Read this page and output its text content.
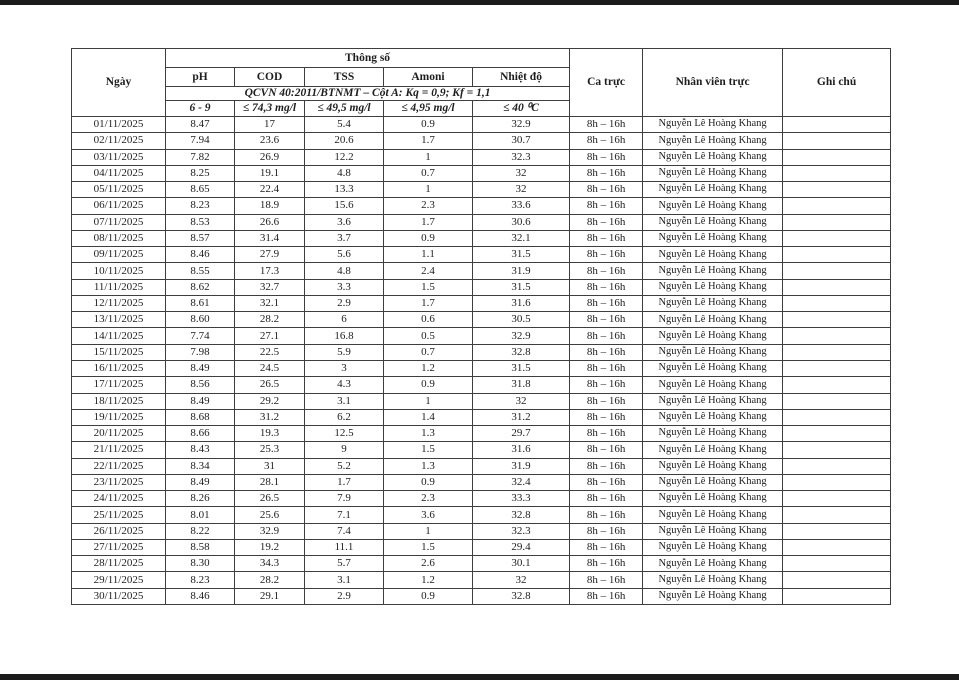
Ngày	Thông số					Ca trực	Nhân viên trực	Ghi chú
	pH	COD	TSS	Amoni	Nhiệt độ			
	QCVN 40:2011/BTNMT – Cột A: Kq = 0,9; Kf = 1,1							
	6 - 9	≤ 74,3 mg/l	≤ 49,5 mg/l	≤ 4,95 mg/l	≤ 40 ⁰C			
01/11/2025	8.47	17	5.4	0.9	32.9	8h – 16h	Nguyễn Lê Hoàng Khang	
02/11/2025	7.94	23.6	20.6	1.7	30.7	8h – 16h	Nguyễn Lê Hoàng Khang	
03/11/2025	7.82	26.9	12.2	1	32.3	8h – 16h	Nguyễn Lê Hoàng Khang	
04/11/2025	8.25	19.1	4.8	0.7	32	8h – 16h	Nguyễn Lê Hoàng Khang	
05/11/2025	8.65	22.4	13.3	1	32	8h – 16h	Nguyễn Lê Hoàng Khang	
06/11/2025	8.23	18.9	15.6	2.3	33.6	8h – 16h	Nguyễn Lê Hoàng Khang	
07/11/2025	8.53	26.6	3.6	1.7	30.6	8h – 16h	Nguyễn Lê Hoàng Khang	
08/11/2025	8.57	31.4	3.7	0.9	32.1	8h – 16h	Nguyễn Lê Hoàng Khang	
09/11/2025	8.46	27.9	5.6	1.1	31.5	8h – 16h	Nguyễn Lê Hoàng Khang	
10/11/2025	8.55	17.3	4.8	2.4	31.9	8h – 16h	Nguyễn Lê Hoàng Khang	
11/11/2025	8.62	32.7	3.3	1.5	31.5	8h – 16h	Nguyễn Lê Hoàng Khang	
12/11/2025	8.61	32.1	2.9	1.7	31.6	8h – 16h	Nguyễn Lê Hoàng Khang	
13/11/2025	8.60	28.2	6	0.6	30.5	8h – 16h	Nguyễn Lê Hoàng Khang	
14/11/2025	7.74	27.1	16.8	0.5	32.9	8h – 16h	Nguyễn Lê Hoàng Khang	
15/11/2025	7.98	22.5	5.9	0.7	32.8	8h – 16h	Nguyễn Lê Hoàng Khang	
16/11/2025	8.49	24.5	3	1.2	31.5	8h – 16h	Nguyễn Lê Hoàng Khang	
17/11/2025	8.56	26.5	4.3	0.9	31.8	8h – 16h	Nguyễn Lê Hoàng Khang	
18/11/2025	8.49	29.2	3.1	1	32	8h – 16h	Nguyễn Lê Hoàng Khang	
19/11/2025	8.68	31.2	6.2	1.4	31.2	8h – 16h	Nguyễn Lê Hoàng Khang	
20/11/2025	8.66	19.3	12.5	1.3	29.7	8h – 16h	Nguyễn Lê Hoàng Khang	
21/11/2025	8.43	25.3	9	1.5	31.6	8h – 16h	Nguyễn Lê Hoàng Khang	
22/11/2025	8.34	31	5.2	1.3	31.9	8h – 16h	Nguyễn Lê Hoàng Khang	
23/11/2025	8.49	28.1	1.7	0.9	32.4	8h – 16h	Nguyễn Lê Hoàng Khang	
24/11/2025	8.26	26.5	7.9	2.3	33.3	8h – 16h	Nguyễn Lê Hoàng Khang	
25/11/2025	8.01	25.6	7.1	3.6	32.8	8h – 16h	Nguyễn Lê Hoàng Khang	
26/11/2025	8.22	32.9	7.4	1	32.3	8h – 16h	Nguyễn Lê Hoàng Khang	
27/11/2025	8.58	19.2	11.1	1.5	29.4	8h – 16h	Nguyễn Lê Hoàng Khang	
28/11/2025	8.30	34.3	5.7	2.6	30.1	8h – 16h	Nguyễn Lê Hoàng Khang	
29/11/2025	8.23	28.2	3.1	1.2	32	8h – 16h	Nguyễn Lê Hoàng Khang	
30/11/2025	8.46	29.1	2.9	0.9	32.8	8h – 16h	Nguyễn Lê Hoàng Khang	
